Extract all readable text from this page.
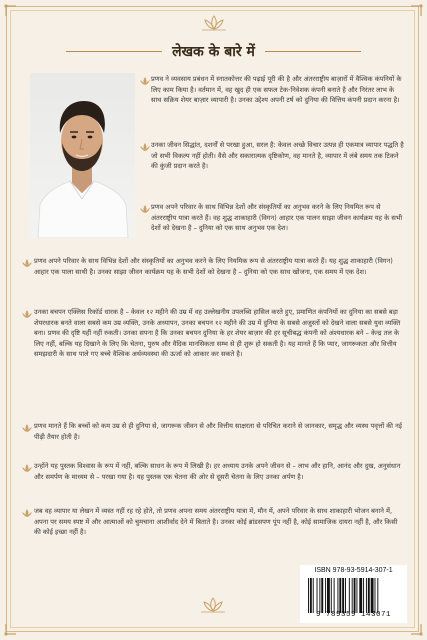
लेखक के बारे में

प्रणव ने व्यवसाय प्रबंधन में स्नातकोत्तर की पढ़ाई पूरी की है और अंतरराष्ट्रीय बाज़ारों में वैश्विक कंपनियों के लिए काम किया है। वर्तमान में, वह खुद ही एक सफल टेक-निवेशक कंपनी बनाते है और निरंतर लाभ के साथ सक्रिय शेयर बाज़ार व्यापारी है। उनका उद्देश्य अपनी टर्ष को दुनिया की वित्तिय कंपनी प्रदान करना है।

उनका जीवन सिद्धांत, दशर्नों से परखा हुआ, सरल है: केवल अच्छे विचार उत्पन्न ही एकमात्र व्यापार पद्धति है जो सभी विकल्प नहीं होती। वैसे और सकारात्मक दृष्टिकोण, वह मानते है, व्यापार में लंबे समय तक टिकने की कुंजी प्रदान करते है।

प्रणव अपने परिवार के साथ विभिन्न देशों और संस्कृतियों का अनुभव करने के लिए नियमित रूप से अंतरराष्ट्रीय यात्रा करते हैं। वह शुद्ध शाकाहारी (विगन) आहार एक पालन साझा जीवन कार्यक्रम यह के सभी देशों को देखना है – दुनिया को एक साथ अनुभव एक देश।

प्रणव अपने परिवार के साथ विभिन्न देशों और संस्कृतियों का अनुभव करने के लिए नियमिक रूप से अंतरराष्ट्रीय यात्रा करते हैं। यह शुद्ध शाकाहारी (विगन) आहार एक पाला साथी है। उनका साझा जीवन कार्यक्रम यह के सभी देशों को देखना है – दुनिया को एक साथ खोजना, एक समय में एक देश।

उनका बचपन एक्लिस रिकॉर्ड धारक है – केवल १२ महीने की उम्र में वह उल्लेखनीय उपलब्धि हासिल करते हुए, प्रमाणित कंपनियों का दुनिया का सबसे बड़ा शेयरधारक बनते वाला सबसे कम उम्र व्यक्ति, उनके अध्यापन, उनका बचपन १२ महीने की उम्र में दुनिया के सबसे अजुस्तों को देखने वाला सबसे युवा व्यक्ति बना। प्रणव की दृष्टि यहीं नहीं रुकती। उनका सपना है कि उनका बचपन दुनिया के हर शेयर बाज़ार की हर सूचीबद्ध कंपनी को अंश्यधारक बने – केन्द्र तल के लिए नहीं, बल्कि यह दिखाने के लिए कि चेतना, पुरुष और वैदिक मानसिकता सम्भ से ही शुरू हो सकती है। यह मानते हैं कि प्यार, जागरूकता और वित्तीय समझदारी के साथ पाले गए बच्चे वैश्विक अर्थव्यवस्था की ऊर्जा को आकार कर सकते है।

प्रणव मानते हैं कि बच्चों को कम उम्र से ही दुनिया से, जागरूक जीवन से और वित्तीय साक्षरता से परिचित कराने से जानकार, समृद्ध और व्यस्थ पवृत्तों की नई पीढ़ी तैयार होती है।

उन्होंने यह पुस्तक विश्वास के रूप में नहीं, बल्कि साधन के रूप में लिखी है। हर अध्याय उनके अपने जीवन से – लाभ और हानि, आनंद और दुख, अनुसंधान और समर्पण के माध्यम से – परखा गया है। यह पुस्तक एक चेतना की ओर से दूसरी चेतना के लिए उनका अर्पण है।

जब वह व्यापार या लेखन में व्यस्त नहीं रह रहे होते, तो प्रणव अपना समय अंतरराष्ट्रीय यात्रा में, मौन में, अपने परिवार के साथ शाकाहारी भोजन बनाने में, अपना पर समय स्पष्ट में और आत्माओं को चुमचाना आशीर्वाद देने में बिताते है। उनका कोई ब्रांडसपण पूंप नहीं है, कोई सामाजिक दायरा नहीं है, और किसी की कोई इच्छा नहीं है।

ISBN 978-93-5914-307-1
9 789359 143071
